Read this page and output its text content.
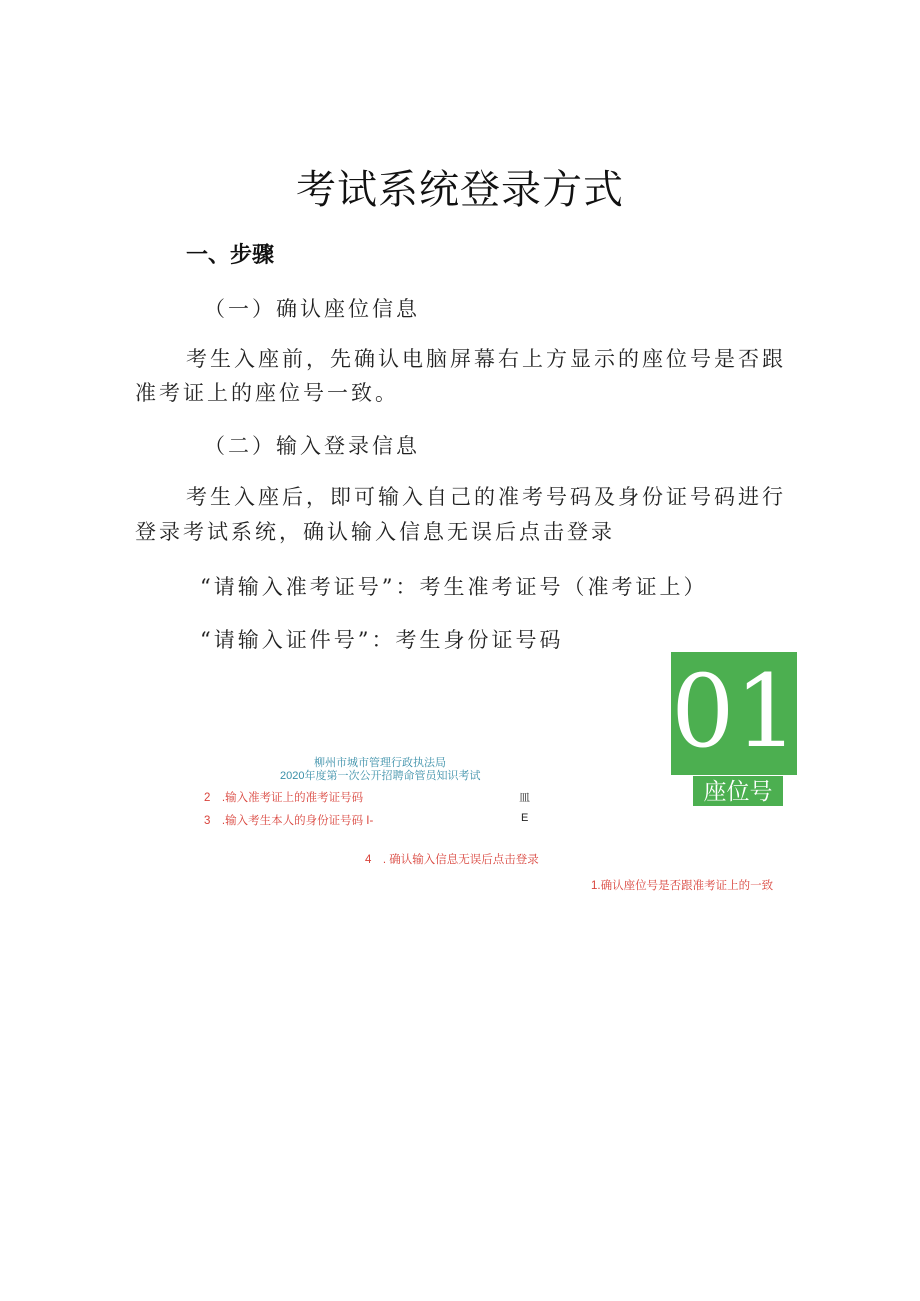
考试系统登录方式
一、步骤
（一）确认座位信息
考生入座前，先确认电脑屏幕右上方显示的座位号是否跟
准考证上的座位号一致。
（二）输入登录信息
考生入座后，即可输入自己的准考号码及身份证号码进行
登录考试系统，确认输入信息无误后点击登录
“请输入准考证号”：考生准考证号（准考证上）
“请输入证件号”：考生身份证号码
柳州市城市管理行政执法局
2020年度第一次公开招聘命管员知识考试
2　.输入准考证上的准考证号码	皿
3　.输入考生本人的身份证号码 I-	E
4　. 确认输入信息无误后点击登录
1.确认座位号是否跟准考证上的一致
01
座位号
